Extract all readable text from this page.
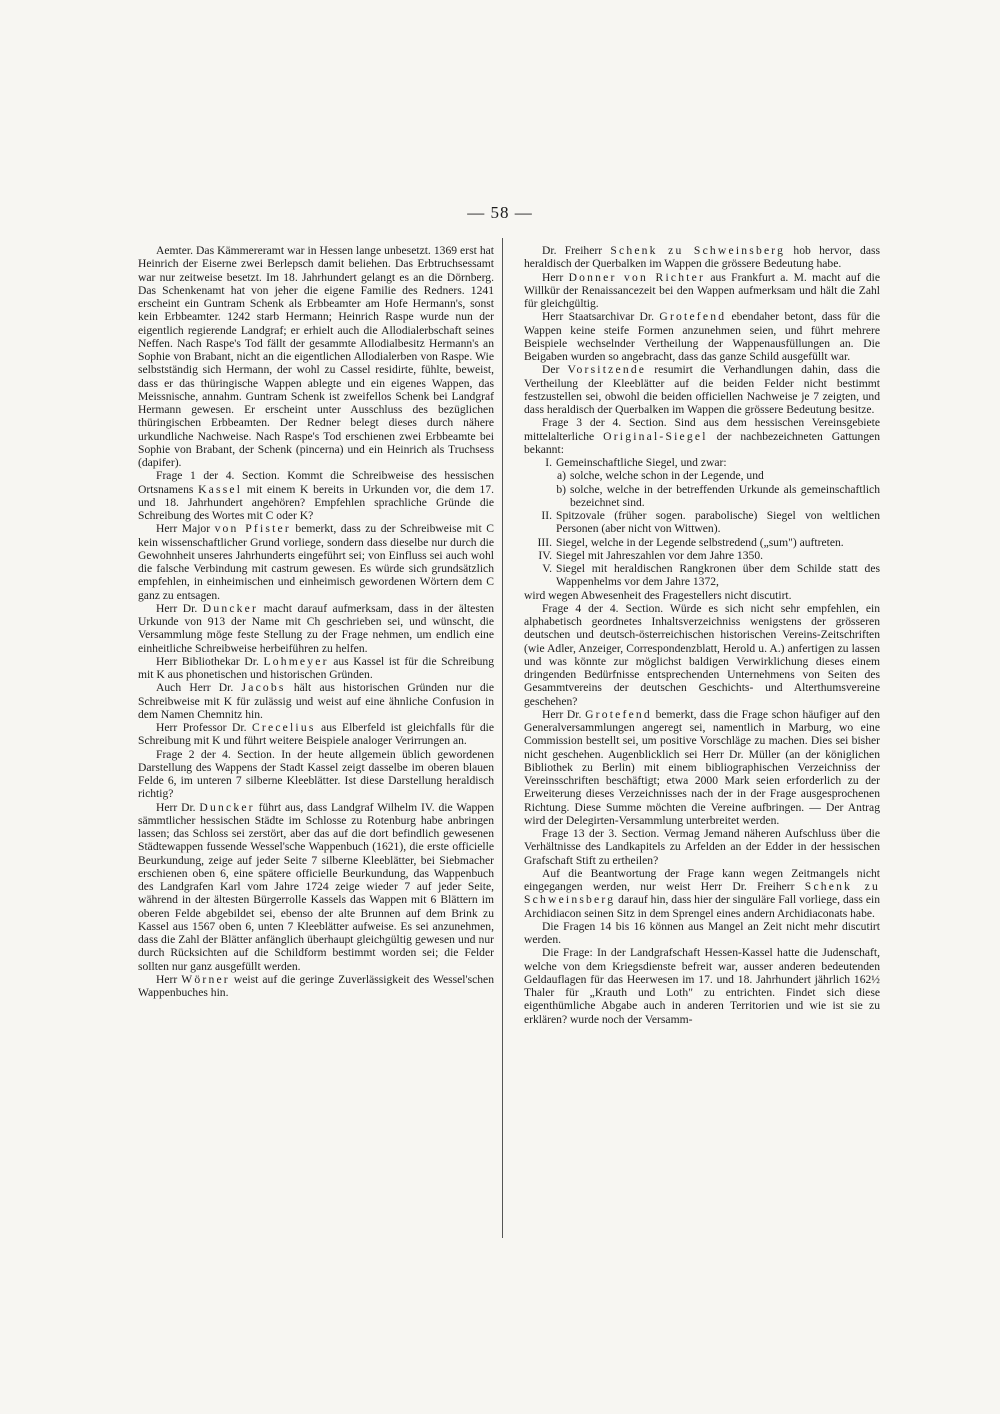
— 58 —

Aemter. Das Kämmereramt war in Hessen lange unbesetzt. 1369 erst hat Heinrich der Eiserne zwei Berlepsch damit beliehen. Das Erbtruchsessamt war nur zeitweise besetzt. Im 18. Jahrhundert gelangt es an die Dörnberg. Das Schenkenamt hat von jeher die eigene Familie des Redners. 1241 erscheint ein Guntram Schenk als Erbbeamter am Hofe Hermann's, sonst kein Erbbeamter. 1242 starb Hermann; Heinrich Raspe wurde nun der eigentlich regierende Landgraf; er erhielt auch die Allodialerbschaft seines Neffen. Nach Raspe's Tod fällt der gesammte Allodialbesitz Hermann's an Sophie von Brabant, nicht an die eigentlichen Allodialerben von Raspe. Wie selbstständig sich Hermann, der wohl zu Cassel residirte, fühlte, beweist, dass er das thüringische Wappen ablegte und ein eigenes Wappen, das Meissnische, annahm. Guntram Schenk ist zweifellos Schenk bei Landgraf Hermann gewesen. Er erscheint unter Ausschluss des bezüglichen thüringischen Erbbeamten. Der Redner belegt dieses durch nähere urkundliche Nachweise. Nach Raspe's Tod erschienen zwei Erbbeamte bei Sophie von Brabant, der Schenk (pincerna) und ein Heinrich als Truchsess (dapifer).

Frage 1 der 4. Section. Kommt die Schreibweise des hessischen Ortsnamens Kassel mit einem K bereits in Urkunden vor, die dem 17. und 18. Jahrhundert angehören? Empfehlen sprachliche Gründe die Schreibung des Wortes mit C oder K?

Herr Major von Pfister bemerkt, dass zu der Schreibweise mit C kein wissenschaftlicher Grund vorliege, sondern dass dieselbe nur durch die Gewohnheit unseres Jahrhunderts eingeführt sei; von Einfluss sei auch wohl die falsche Verbindung mit castrum gewesen. Es würde sich grundsätzlich empfehlen, in einheimischen und einheimisch gewordenen Wörtern dem C ganz zu entsagen.

Herr Dr. Duncker macht darauf aufmerksam, dass in der ältesten Urkunde von 913 der Name mit Ch geschrieben sei, und wünscht, die Versammlung möge feste Stellung zu der Frage nehmen, um endlich eine einheitliche Schreibweise herbeiführen zu helfen.

Herr Bibliothekar Dr. Lohmeyer aus Kassel ist für die Schreibung mit K aus phonetischen und historischen Gründen.

Auch Herr Dr. Jacobs hält aus historischen Gründen nur die Schreibweise mit K für zulässig und weist auf eine ähnliche Confusion in dem Namen Chemnitz hin.

Herr Professor Dr. Crecelius aus Elberfeld ist gleichfalls für die Schreibung mit K und führt weitere Beispiele analoger Verirrungen an.

Frage 2 der 4. Section. In der heute allgemein üblich gewordenen Darstellung des Wappens der Stadt Kassel zeigt dasselbe im oberen blauen Felde 6, im unteren 7 silberne Kleeblätter. Ist diese Darstellung heraldisch richtig?

Herr Dr. Duncker führt aus, dass Landgraf Wilhelm IV. die Wappen sämmtlicher hessischen Städte im Schlosse zu Rotenburg habe anbringen lassen; das Schloss sei zerstört, aber das auf die dort befindlich gewesenen Städtewappen fussende Wessel'sche Wappenbuch (1621), die erste officielle Beurkundung, zeige auf jeder Seite 7 silberne Kleeblätter, bei Siebmacher erschienen oben 6, eine spätere officielle Beurkundung, das Wappenbuch des Landgrafen Karl vom Jahre 1724 zeige wieder 7 auf jeder Seite, während in der ältesten Bürgerrolle Kassels das Wappen mit 6 Blättern im oberen Felde abgebildet sei, ebenso der alte Brunnen auf dem Brink zu Kassel aus 1567 oben 6, unten 7 Kleeblätter aufweise. Es sei anzunehmen, dass die Zahl der Blätter anfänglich überhaupt gleichgültig gewesen und nur durch Rücksichten auf die Schildform bestimmt worden sei; die Felder sollten nur ganz ausgefüllt werden.

Herr Wörner weist auf die geringe Zuverlässigkeit des Wessel'schen Wappenbuches hin.

Dr. Freiherr Schenk zu Schweinsberg hob hervor, dass heraldisch der Querbalken im Wappen die grössere Bedeutung habe.

Herr Donner von Richter aus Frankfurt a. M. macht auf die Willkür der Renaissancezeit bei den Wappen aufmerksam und hält die Zahl für gleichgültig.

Herr Staatsarchivar Dr. Grotefend ebendaher betont, dass für die Wappen keine steife Formen anzunehmen seien, und führt mehrere Beispiele wechselnder Vertheilung der Wappenausfüllungen an. Die Beigaben wurden so angebracht, dass das ganze Schild ausgefüllt war.

Der Vorsitzende resumirt die Verhandlungen dahin, dass die Vertheilung der Kleeblätter auf die beiden Felder nicht bestimmt festzustellen sei, obwohl die beiden officiellen Nachweise je 7 zeigten, und dass heraldisch der Querbalken im Wappen die grössere Bedeutung besitze.

Frage 3 der 4. Section. Sind aus dem hessischen Vereinsgebiete mittelalterliche Original-Siegel der nachbezeichneten Gattungen bekannt:

I. Gemeinschaftliche Siegel, und zwar:
a) solche, welche schon in der Legende, und
b) solche, welche in der betreffenden Urkunde als gemeinschaftlich bezeichnet sind.
II. Spitzovale (früher sogen. parabolische) Siegel von weltlichen Personen (aber nicht von Wittwen).
III. Siegel, welche in der Legende selbstredend („sum") auftreten.
IV. Siegel mit Jahreszahlen vor dem Jahre 1350.
V. Siegel mit heraldischen Rangkronen über dem Schilde statt des Wappenhelms vor dem Jahre 1372,

wird wegen Abwesenheit des Fragestellers nicht discutirt.

Frage 4 der 4. Section. Würde es sich nicht sehr empfehlen, ein alphabetisch geordnetes Inhaltsverzeichniss wenigstens der grösseren deutschen und deutsch-österreichischen historischen Vereins-Zeitschriften (wie Adler, Anzeiger, Correspondenzblatt, Herold u. A.) anfertigen zu lassen und was könnte zur möglichst baldigen Verwirklichung dieses einem dringenden Bedürfnisse entsprechenden Unternehmens von Seiten des Gesammtvereins der deutschen Geschichts- und Alterthumsvereine geschehen?

Herr Dr. Grotefend bemerkt, dass die Frage schon häufiger auf den Generalversammlungen angeregt sei, namentlich in Marburg, wo eine Commission bestellt sei, um positive Vorschläge zu machen. Dies sei bisher nicht geschehen. Augenblicklich sei Herr Dr. Müller (an der königlichen Bibliothek zu Berlin) mit einem bibliographischen Verzeichniss der Vereinsschriften beschäftigt; etwa 2000 Mark seien erforderlich zu der Erweiterung dieses Verzeichnisses nach der in der Frage ausgesprochenen Richtung. Diese Summe möchten die Vereine aufbringen. — Der Antrag wird der Delegirten-Versammlung unterbreitet werden.

Frage 13 der 3. Section. Vermag Jemand näheren Aufschluss über die Verhältnisse des Landkapitels zu Arfelden an der Edder in der hessischen Grafschaft Stift zu ertheilen?

Auf die Beantwortung der Frage kann wegen Zeitmangels nicht eingegangen werden, nur weist Herr Dr. Freiherr Schenk zu Schweinsberg darauf hin, dass hier der singuläre Fall vorliege, dass ein Archidiacon seinen Sitz in dem Sprengel eines andern Archidiaconats habe.

Die Fragen 14 bis 16 können aus Mangel an Zeit nicht mehr discutirt werden.

Die Frage: In der Landgrafschaft Hessen-Kassel hatte die Judenschaft, welche von dem Kriegsdienste befreit war, ausser anderen bedeutenden Geldauflagen für das Heerwesen im 17. und 18. Jahrhundert jährlich 162½ Thaler für „Krauth und Loth" zu entrichten. Findet sich diese eigenthümliche Abgabe auch in anderen Territorien und wie ist sie zu erklären? wurde noch der Versamm-
